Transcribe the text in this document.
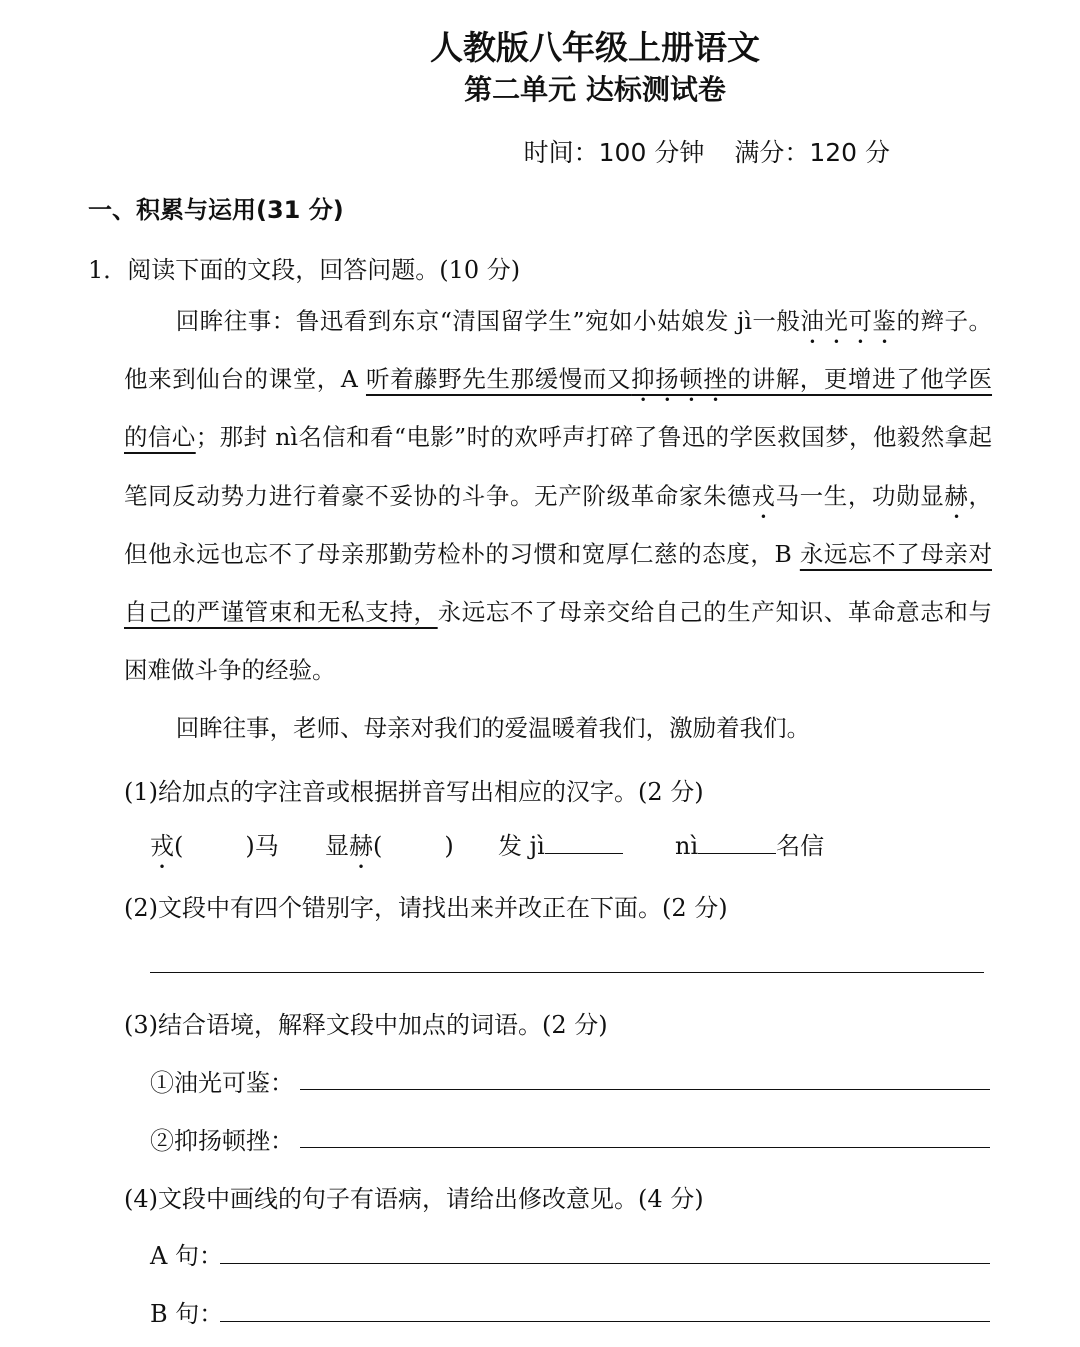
人教版八年级上册语文
第二单元 达标测试卷
时间：100 分钟 满分：120 分
一、积累与运用(31 分)
1．阅读下面的文段，回答问题。(10 分)

回眸往事：鲁迅看到东京“清国留学生”宛如小姑娘发 jì一般油光可鉴的辫子。他来到仙台的课堂，A 听着藤野先生那缓慢而又抑扬顿挫的讲解，更增进了他学医的信心；那封 nì名信和看“电影”时的欢呼声打碎了鲁迅的学医救国梦，他毅然拿起笔同反动势力进行着豪不妥协的斗争。无产阶级革命家朱德戎马一生，功勋显赫，但他永远也忘不了母亲那勤劳检朴的习惯和宽厚仁慈的态度，B 永远忘不了母亲对自己的严谨管束和无私支持，永远忘不了母亲交给自己的生产知识、革命意志和与困难做斗争的经验。

回眸往事，老师、母亲对我们的爱温暖着我们，激励着我们。

(1)给加点的字注音或根据拼音写出相应的汉字。(2 分)
戎(	)马 显赫(	) 发 jì	nì	名信
(2)文段中有四个错别字，请找出来并改正在下面。(2 分)
(3)结合语境，解释文段中加点的词语。(2 分)
①油光可鉴：
②抑扬顿挫：
(4)文段中画线的句子有语病，请给出修改意见。(4 分)
A 句：
B 句：
